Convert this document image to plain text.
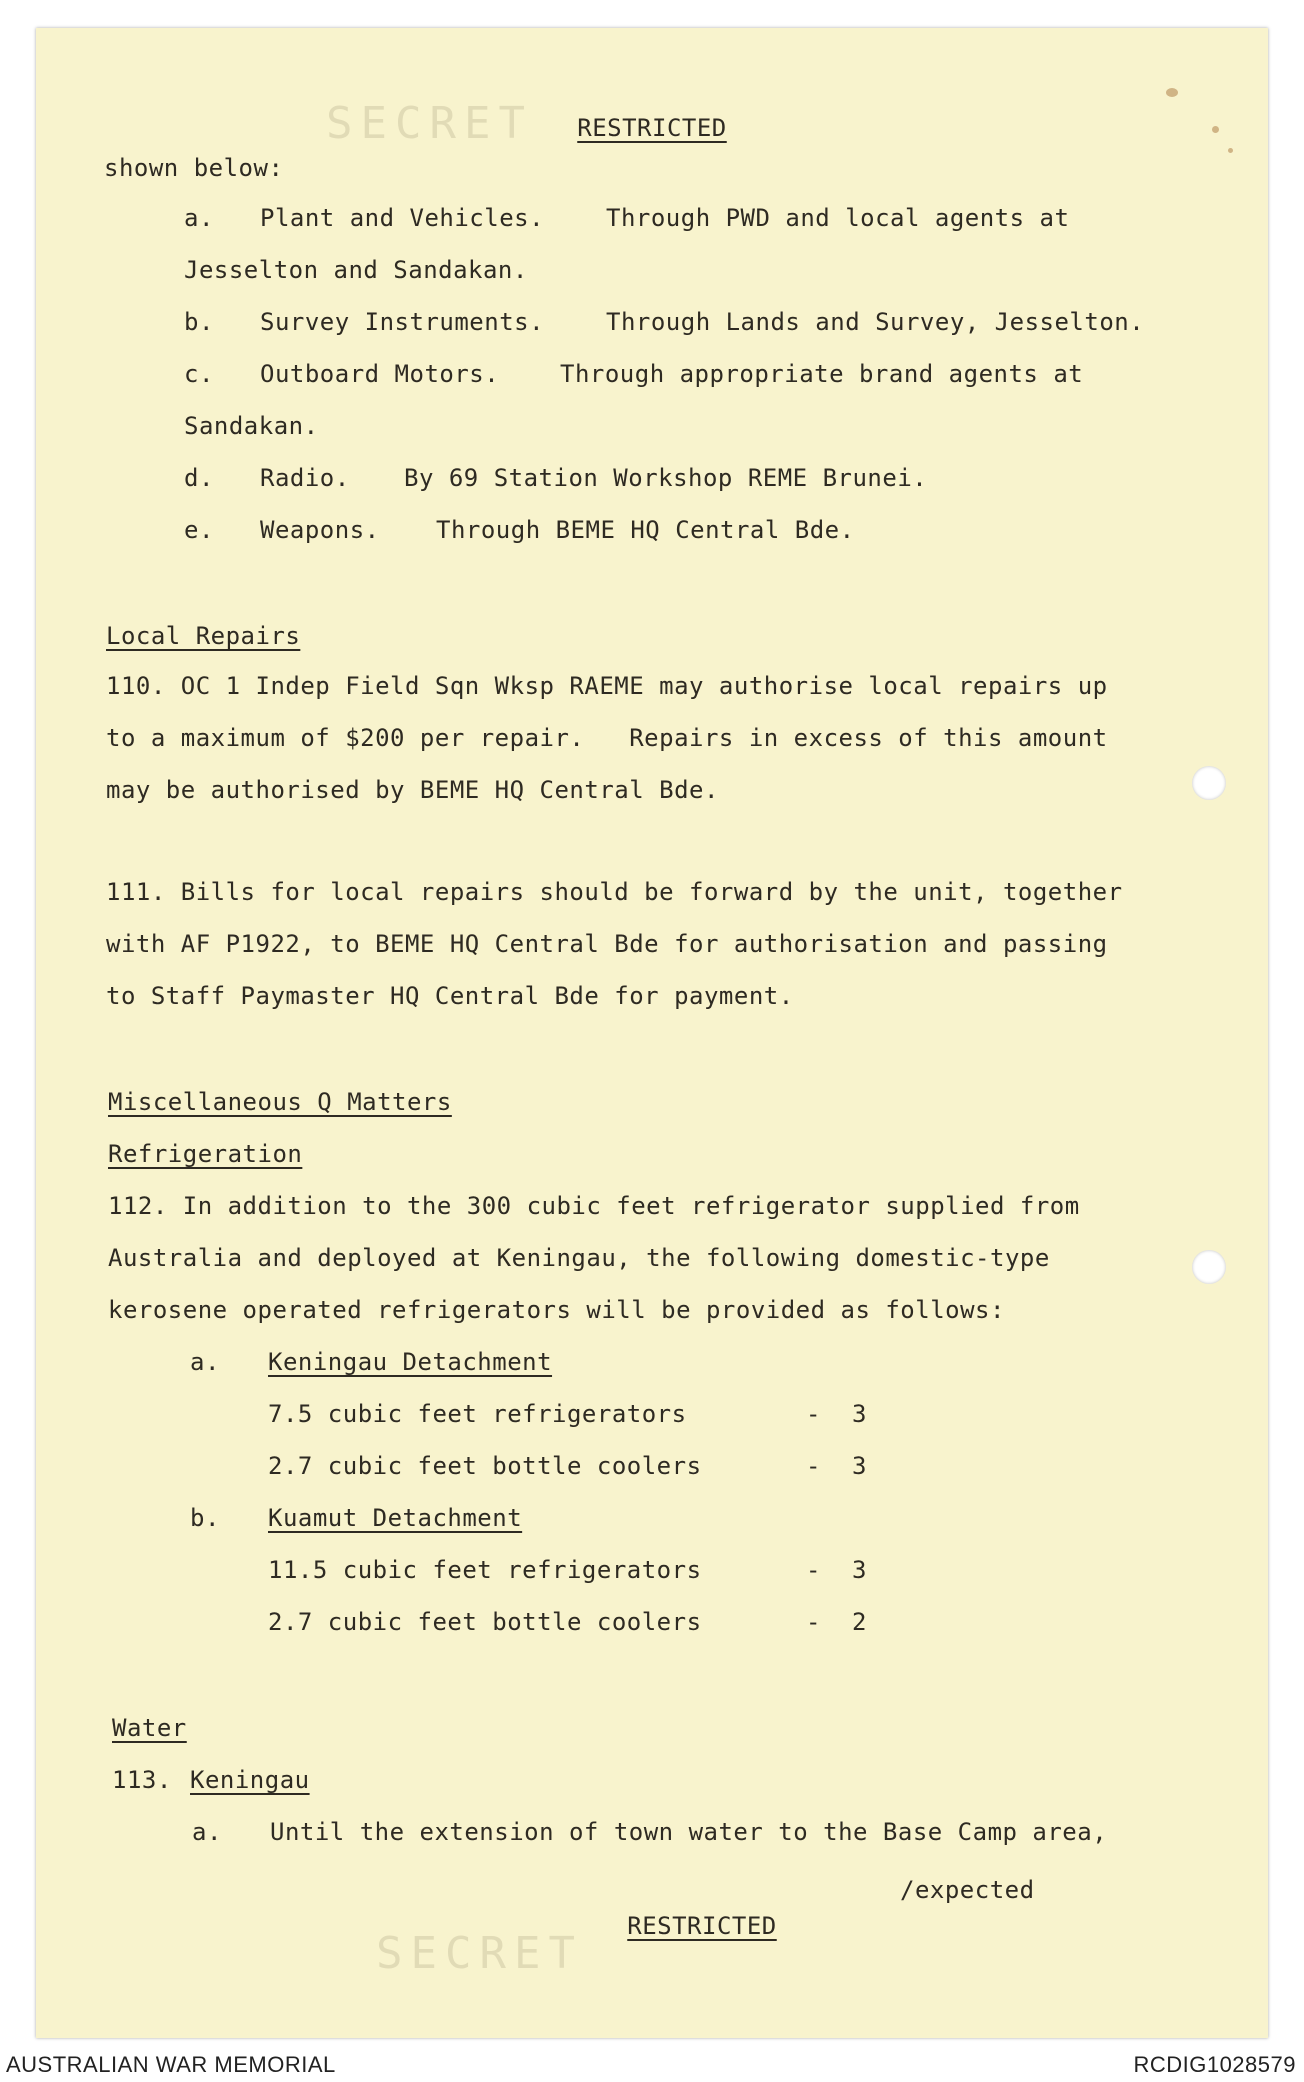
SECRET
SECRET
RESTRICTED
shown below:
a. Plant and Vehicles.	Through PWD and local agents at
Jesselton and Sandakan.
b. Survey Instruments.	Through Lands and Survey, Jesselton.
c. Outboard Motors.	Through appropriate brand agents at
Sandakan.
d. Radio. By 69 Station Workshop REME Brunei.
e. Weapons. Through BEME HQ Central Bde.
Local Repairs
110. OC 1 Indep Field Sqn Wksp RAEME may authorise local repairs up
to a maximum of $200 per repair.   Repairs in excess of this amount
may be authorised by BEME HQ Central Bde.
111. Bills for local repairs should be forward by the unit, together
with AF P1922, to BEME HQ Central Bde for authorisation and passing
to Staff Paymaster HQ Central Bde for payment.
Miscellaneous Q Matters
Refrigeration
112. In addition to the 300 cubic feet refrigerator supplied from
Australia and deployed at Keningau, the following domestic-type
kerosene operated refrigerators will be provided as follows:
a. Keningau Detachment
7.5 cubic feet refrigerators	- 3
2.7 cubic feet bottle coolers	- 3
b. Kuamut Detachment
11.5 cubic feet refrigerators	- 3
2.7 cubic feet bottle coolers	- 2
Water
113. Keningau
a. Until the extension of town water to the Base Camp area,
/expected
RESTRICTED
AUSTRALIAN WAR MEMORIAL	RCDIG1028579
